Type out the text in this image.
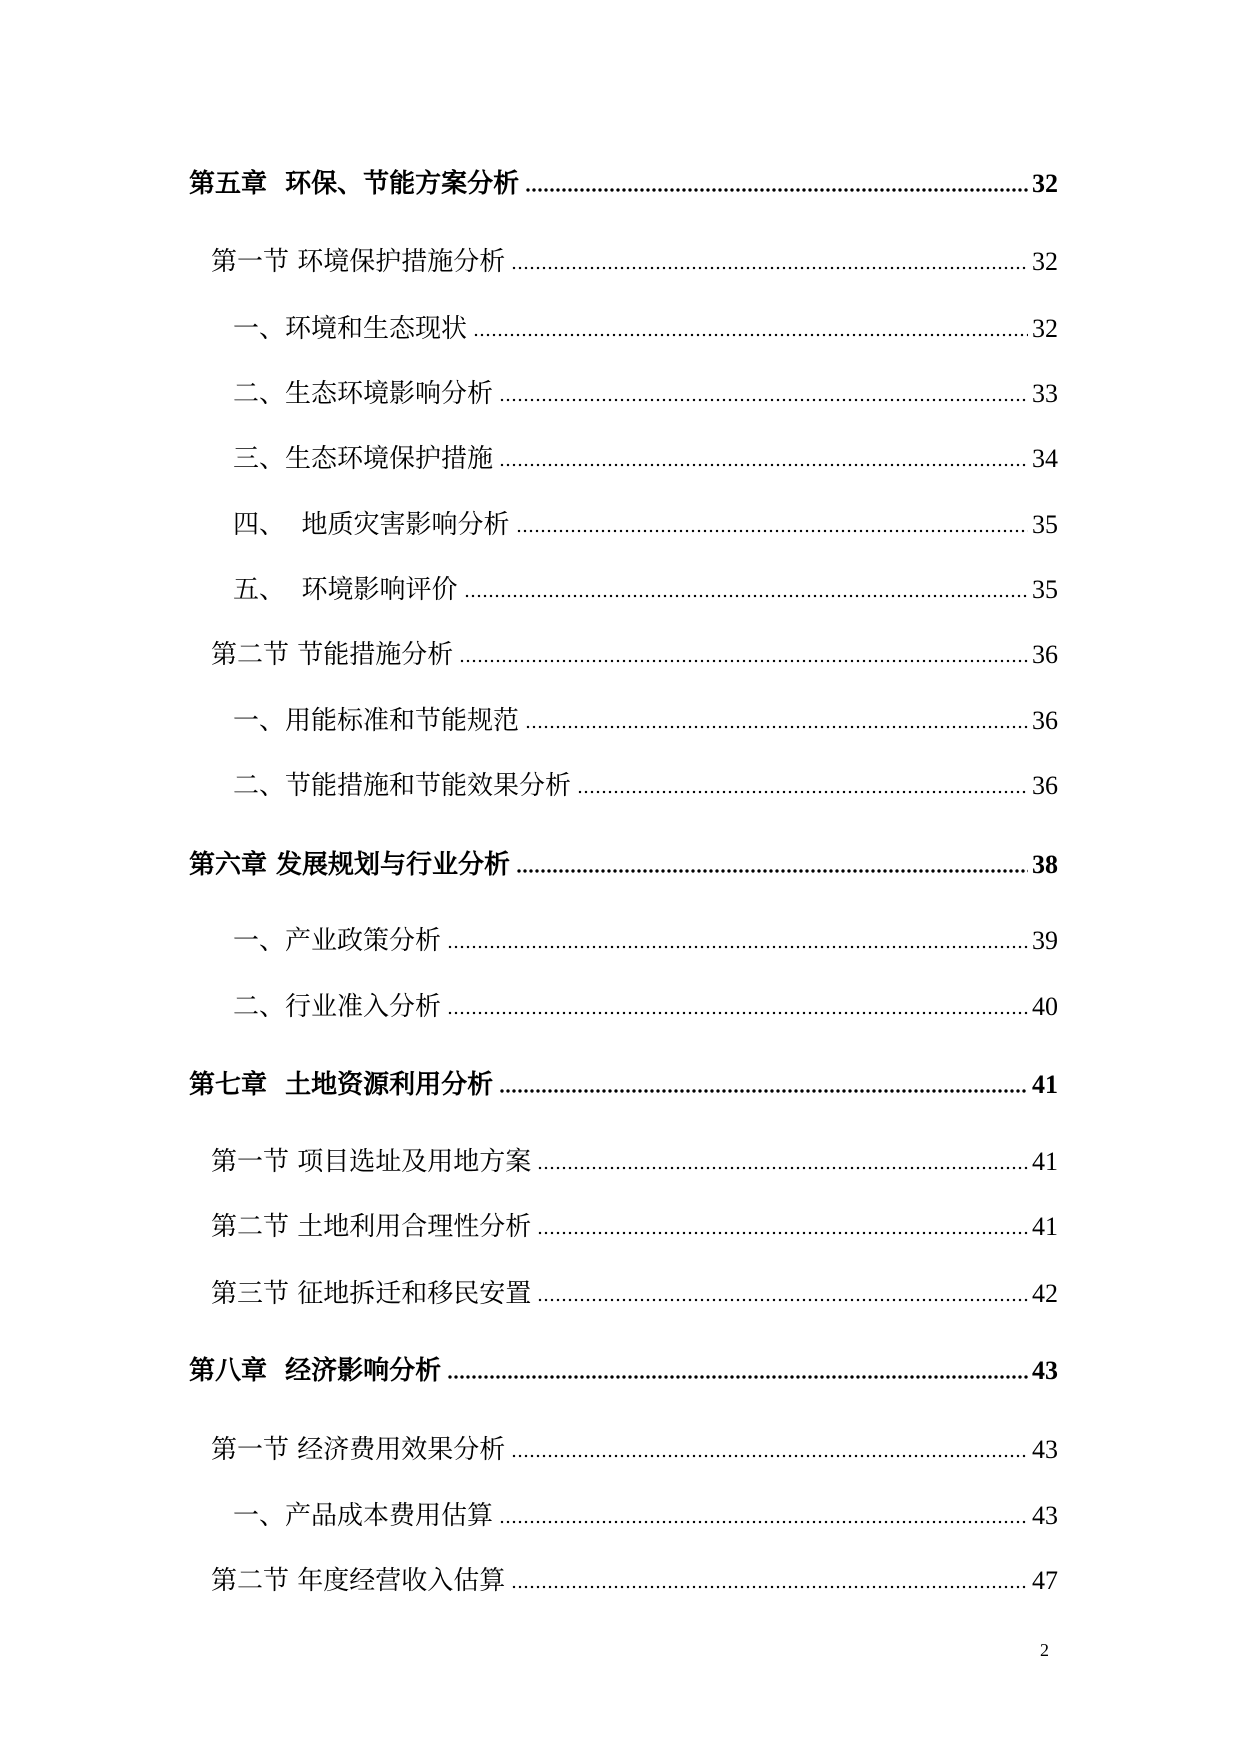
第五章  环保、节能方案分析	32
第一节 环境保护措施分析	32
一、环境和生态现状	32
二、生态环境影响分析	33
三、生态环境保护措施	34
四、  地质灾害影响分析	35
五、  环境影响评价	35
第二节 节能措施分析	36
一、用能标准和节能规范	36
二、节能措施和节能效果分析	36
第六章 发展规划与行业分析	38
一、产业政策分析	39
二、行业准入分析	40
第七章  土地资源利用分析	41
第一节 项目选址及用地方案	41
第二节 土地利用合理性分析	41
第三节 征地拆迁和移民安置	42
第八章  经济影响分析	43
第一节 经济费用效果分析	43
一、产品成本费用估算	43
第二节 年度经营收入估算	47
2
